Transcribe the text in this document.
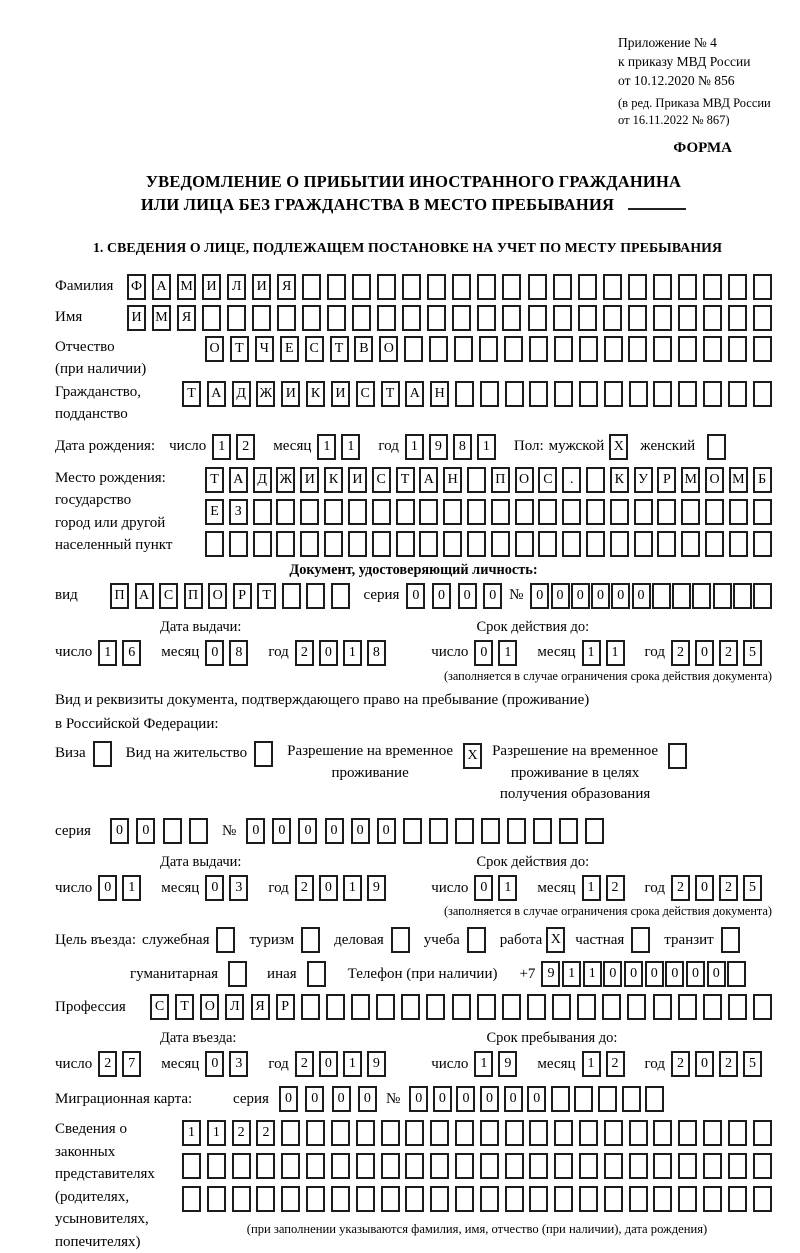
Приложение № 4
к приказу МВД России
от 10.12.2020 № 856
(в ред. Приказа МВД России
от 16.11.2022 № 867)
ФОРМА
УВЕДОМЛЕНИЕ О ПРИБЫТИИ ИНОСТРАННОГО ГРАЖДАНИНА
ИЛИ ЛИЦА БЕЗ ГРАЖДАНСТВА В МЕСТО ПРЕБЫВАНИЯ
1. СВЕДЕНИЯ О ЛИЦЕ, ПОДЛЕЖАЩЕМ ПОСТАНОВКЕ НА УЧЕТ ПО МЕСТУ ПРЕБЫВАНИЯ
Фамилия	Ф	А М И	Л	И	Я
Имя	И М	Я
Отчество
(при наличии)
О	Т	Ч	Е	С	Т	В	О
Гражданство,
подданство
Т	А	Д Ж И	К	И	С	Т	А	Н
Дата рождения: число 1	2	месяц 1	1	год 1	9	8	1	Пол: мужской X женский
Место рождения:
государство
город или другой
населенный пункт
Т	А Д Ж И	К	И	С	Т	А Н	П О	С	.	К	У	Р М О М Б
Е	З
Документ, удостоверяющий личность:
вид	П	А	С	П	О	Р	Т	серия 0	0	0	0 № 0 0 0 0 0 0
Дата выдачи:	Срок действия до:
число 1	6	месяц 0	8	год 2	0	1	8	число 0	1	месяц 1	1	год 2	0	2	5
(заполняется в случае ограничения срока действия документа)
Вид и реквизиты документа, подтверждающего право на пребывание (проживание)
в Российской Федерации:
Виза	Вид на жительство	Разрешение на временное
проживание
X Разрешение на временное
проживание в целях
получения образования
серия	0	0	№	0	0	0	0	0	0
Дата выдачи:	Срок действия до:
число 0	1	месяц 0	3	год 2	0	1	9	число 0	1	месяц 1	2	год 2	0	2	5
(заполняется в случае ограничения срока действия документа)
Цель въезда: служебная	туризм	деловая	учеба	работа X частная	транзит
гуманитарная	иная	Телефон (при наличии) +7 9 1 1 0 0 0 0 0 0
Профессия	С	Т	О	Л	Я	Р
Дата въезда:	Срок пребывания до:
число 2	7	месяц 0	3	год 2	0	1	9	число 1	9	месяц 1	2	год 2	0	2	5
Миграционная карта:	серия	0	0	0	0	№	0	0	0	0	0	0
Сведения о
законных
представителях
(родителях,
усыновителях,
попечителях)
1	1	2	2
(при заполнении указываются фамилия, имя, отчество (при наличии), дата рождения)
